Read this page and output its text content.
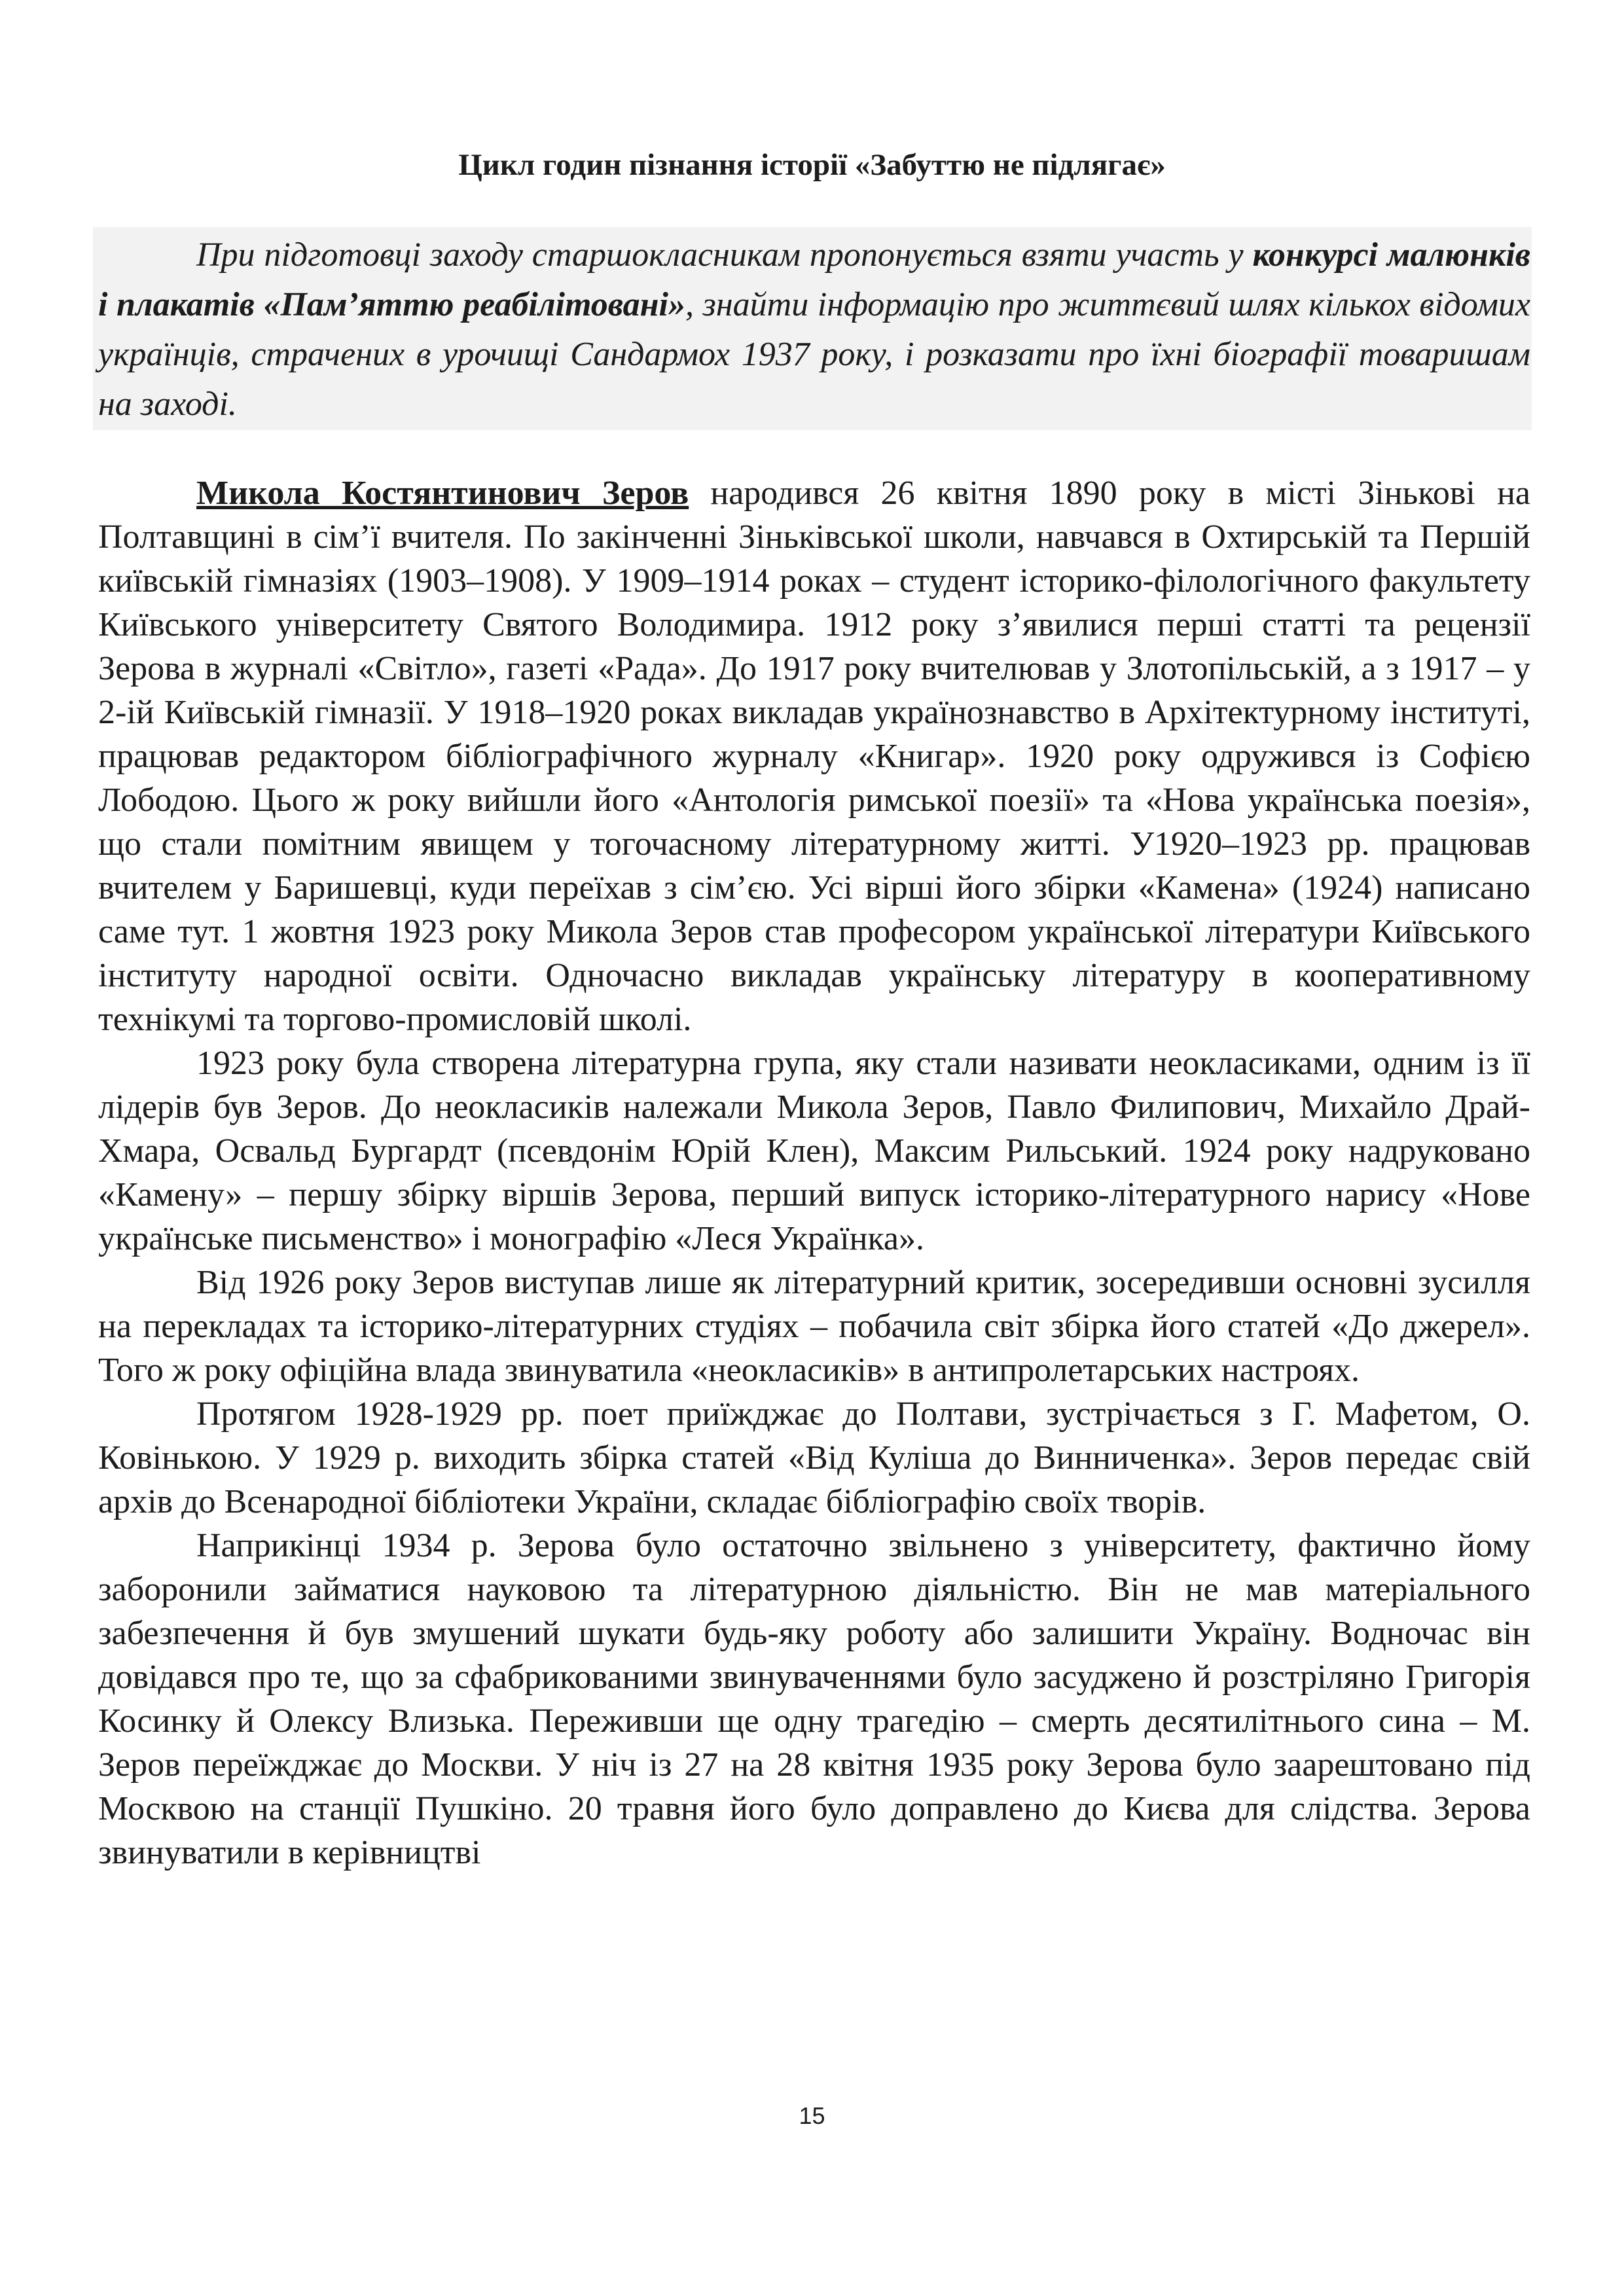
Цикл годин пізнання історії «Забуттю не підлягає»

При підготовці заходу старшокласникам пропонується взяти участь у конкурсі малюнків і плакатів «Пам’яттю реабілітовані», знайти інформацію про життєвий шлях кількох відомих українців, страчених в урочищі Сандармох 1937 року, і розказати про їхні біографії товаришам на заході.

Микола Костянтинович Зеров народився 26 квітня 1890 року в місті Зінькові на Полтавщині в сім’ї вчителя. По закінченні Зіньківської школи, навчався в Охтирській та Першій київській гімназіях (1903–1908). У 1909–1914 роках – студент історико-філологічного факультету Київського університету Святого Володимира. 1912 року з’явилися перші статті та рецензії Зерова в журналі «Світло», газеті «Рада». До 1917 року вчителював у Злотопільській, а з 1917 – у 2-ій Київській гімназії. У 1918–1920 роках викладав українознавство в Архітектурному інституті, працював редактором бібліографічного журналу «Книгар». 1920 року одружився із Софією Лободою. Цього ж року вийшли його «Антологія римської поезії» та «Нова українська поезія», що стали помітним явищем у тогочасному літературному житті. У1920–1923 рр. працював вчителем у Баришевці, куди переїхав з сім’єю. Усі вірші його збірки «Камена» (1924) написано саме тут. 1 жовтня 1923 року Микола Зеров став професором української літератури Київського інституту народної освіти. Одночасно викладав українську літературу в кооперативному технікумі та торгово-промисловій школі.

1923 року була створена літературна група, яку стали називати неокласиками, одним із її лідерів був Зеров. До неокласиків належали Микола Зеров, Павло Филипович, Михайло Драй-Хмара, Освальд Бургардт (псевдонім Юрій Клен), Максим Рильський. 1924 року надруковано «Камену» – першу збірку віршів Зерова, перший випуск історико-літературного нарису «Нове українське письменство» і монографію «Леся Українка».

Від 1926 року Зеров виступав лише як літературний критик, зосередивши основні зусилля на перекладах та історико-літературних студіях – побачила світ збірка його статей «До джерел». Того ж року офіційна влада звинуватила «неокласиків» в антипролетарських настроях.

Протягом 1928-1929 рр. поет приїжджає до Полтави, зустрічається з Г. Мафетом, О. Ковінькою. У 1929 р. виходить збірка статей «Від Куліша до Винниченка». Зеров передає свій архів до Всенародної бібліотеки України, складає бібліографію своїх творів.

Наприкінці 1934 р. Зерова було остаточно звільнено з університету, фактично йому заборонили займатися науковою та літературною діяльністю. Він не мав матеріального забезпечення й був змушений шукати будь-яку роботу або залишити Україну. Водночас він довідався про те, що за сфабрикованими звинуваченнями було засуджено й розстріляно Григорія Косинку й Олексу Влизька. Переживши ще одну трагедію – смерть десятилітнього сина – М. Зеров переїжджає до Москви. У ніч із 27 на 28 квітня 1935 року Зерова було заарештовано під Москвою на станції Пушкіно. 20 травня його було доправлено до Києва для слідства. Зерова звинуватили в керівництві

15
